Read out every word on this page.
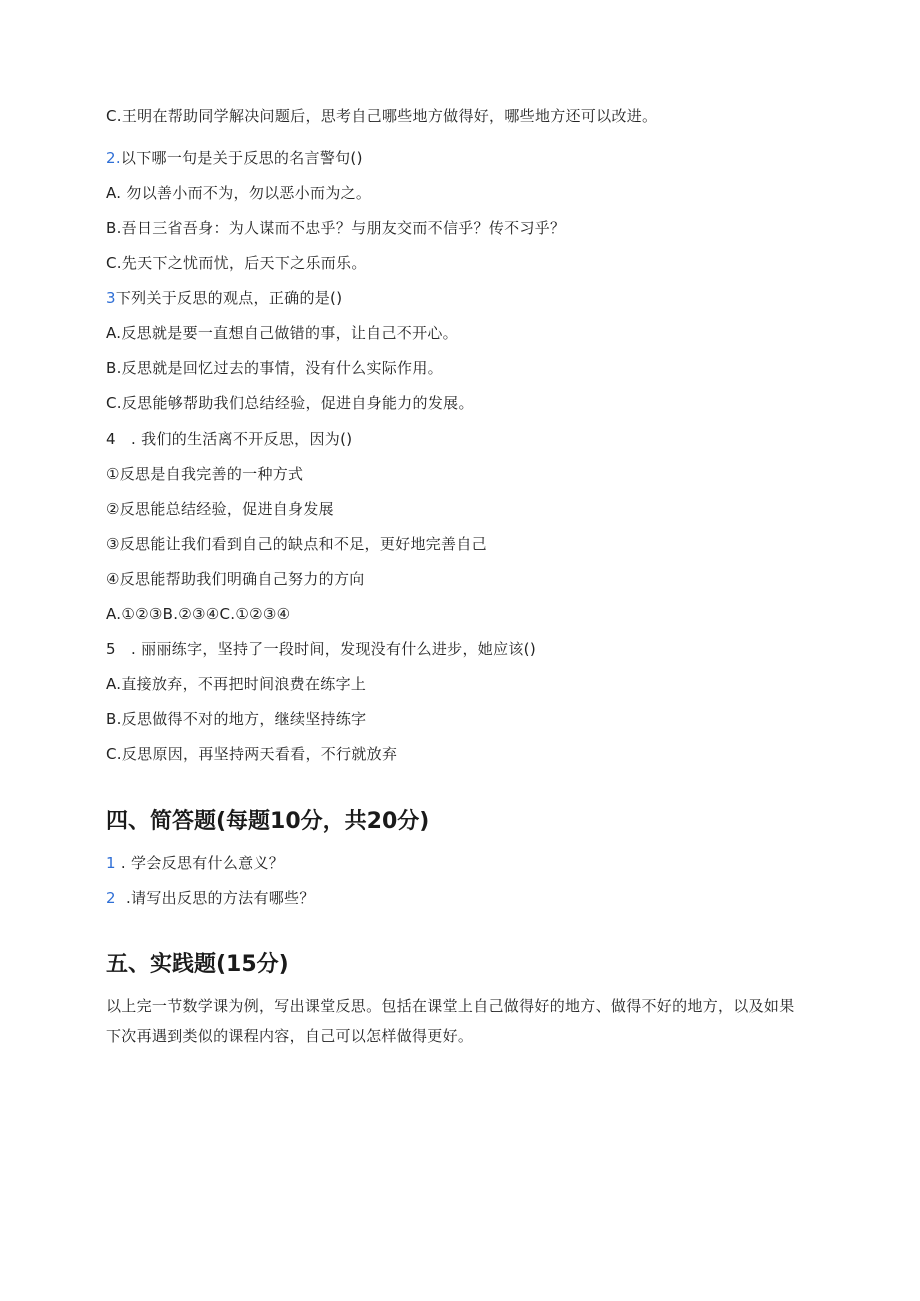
C.王明在帮助同学解决问题后，思考自己哪些地方做得好，哪些地方还可以改进。
2.以下哪一句是关于反思的名言警句()
A. 勿以善小而不为，勿以恶小而为之。
B.吾日三省吾身：为人谋而不忠乎？与朋友交而不信乎？传不习乎？
C.先天下之忧而忧，后天下之乐而乐。
3下列关于反思的观点，正确的是()
A.反思就是要一直想自己做错的事，让自己不开心。
B.反思就是回忆过去的事情，没有什么实际作用。
C.反思能够帮助我们总结经验，促进自身能力的发展。
4   . 我们的生活离不开反思，因为()
①反思是自我完善的一种方式
②反思能总结经验，促进自身发展
③反思能让我们看到自己的缺点和不足，更好地完善自己
④反思能帮助我们明确自己努力的方向
A.①②③B.②③④C.①②③④
5   . 丽丽练字，坚持了一段时间，发现没有什么进步，她应该()
A.直接放弃，不再把时间浪费在练字上
B.反思做得不对的地方，继续坚持练字
C.反思原因，再坚持两天看看，不行就放弃
四、简答题(每题10分，共20分)
1 . 学会反思有什么意义？
2  .请写出反思的方法有哪些？
五、实践题(15分)
以上完一节数学课为例，写出课堂反思。包括在课堂上自己做得好的地方、做得不好的地方，以及如果下次再遇到类似的课程内容，自己可以怎样做得更好。
